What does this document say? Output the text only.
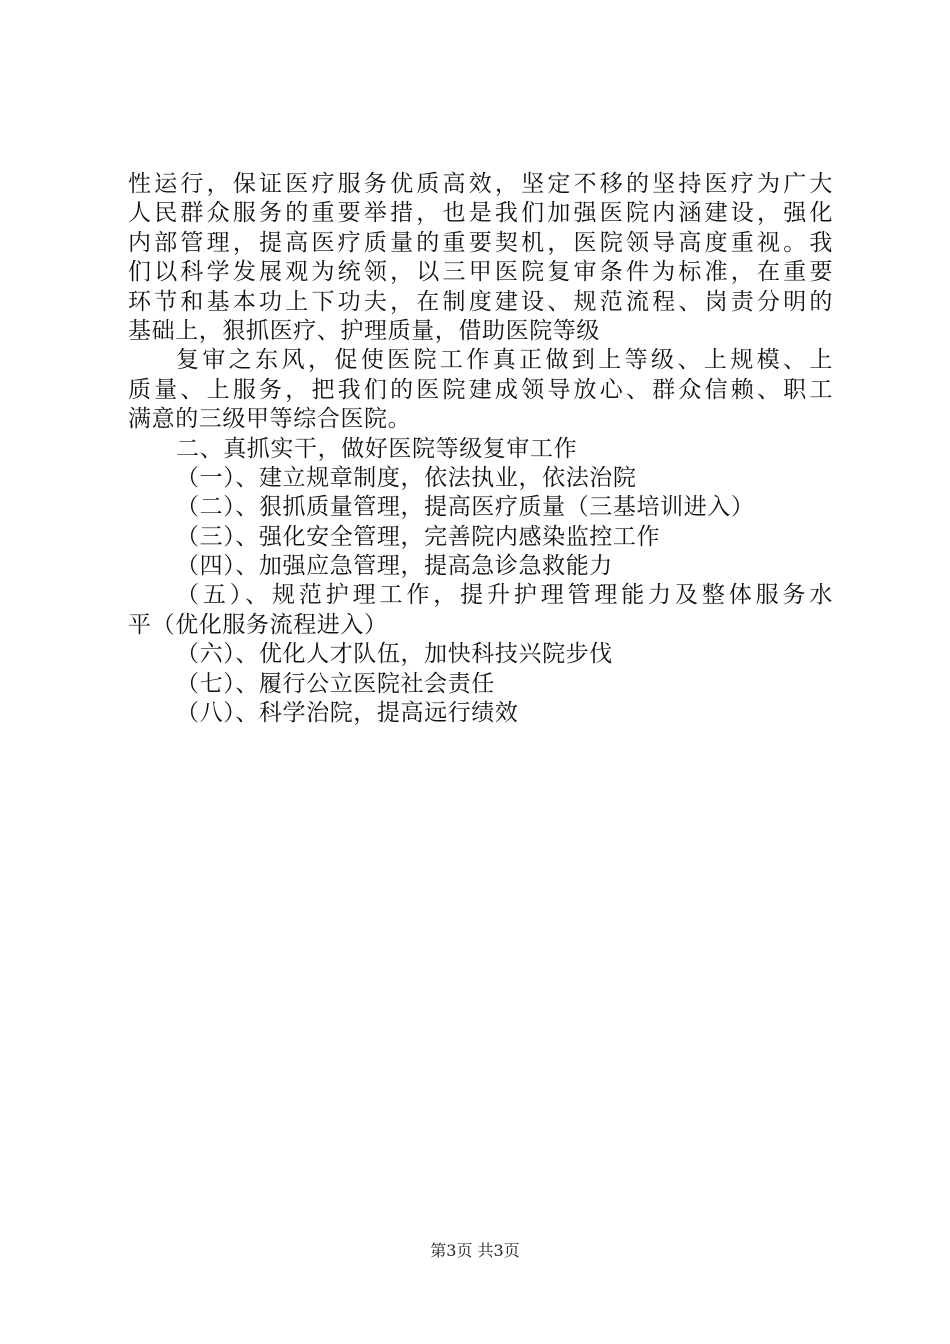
性运行，保证医疗服务优质高效，坚定不移的坚持医疗为广大
人民群众服务的重要举措，也是我们加强医院内涵建设，强化
内部管理，提高医疗质量的重要契机，医院领导高度重视。我
们以科学发展观为统领，以三甲医院复审条件为标准，在重要
环节和基本功上下功夫，在制度建设、规范流程、岗责分明的
基础上，狠抓医疗、护理质量，借助医院等级
复审之东风，促使医院工作真正做到上等级、上规模、上
质量、上服务，把我们的医院建成领导放心、群众信赖、职工
满意的三级甲等综合医院。
二、真抓实干，做好医院等级复审工作
（一）、建立规章制度，依法执业，依法治院
（二）、狠抓质量管理，提高医疗质量（三基培训进入）
（三）、强化安全管理，完善院内感染监控工作
（四）、加强应急管理，提高急诊急救能力
（五）、规范护理工作，提升护理管理能力及整体服务水
平（优化服务流程进入）
（六）、优化人才队伍，加快科技兴院步伐
（七）、履行公立医院社会责任
（八）、科学治院，提高远行绩效
第3页 共3页
